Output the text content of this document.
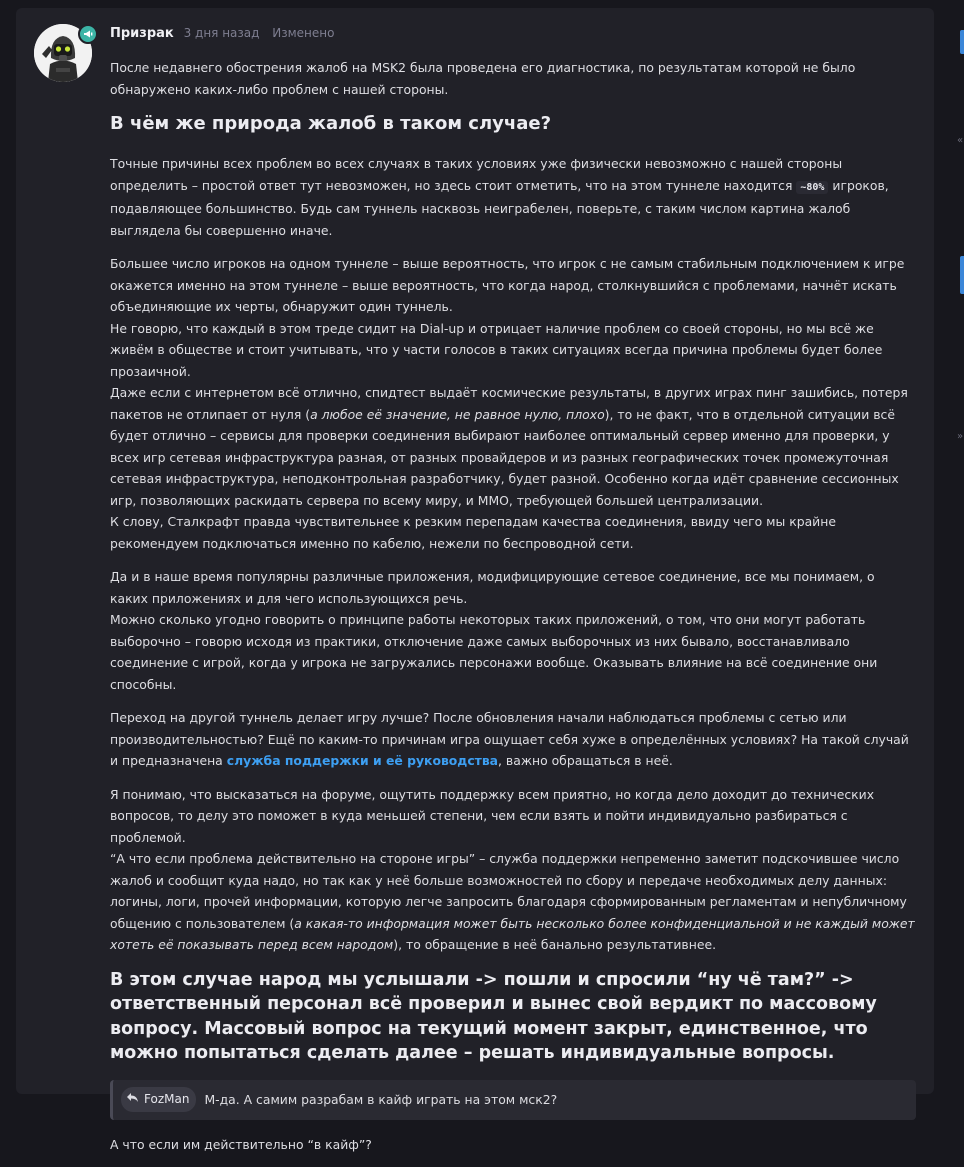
Призрак 3 дня назад Изменено

После недавнего обострения жалоб на MSK2 была проведена его диагностика, по результатам которой не было обнаружено каких-либо проблем с нашей стороны.

В чём же природа жалоб в таком случае?

Точные причины всех проблем во всех случаях в таких условиях уже физически невозможно с нашей стороны определить – простой ответ тут невозможен, но здесь стоит отметить, что на этом туннеле находится ~80% игроков, подавляющее большинство. Будь сам туннель насквозь неиграбелен, поверьте, с таким числом картина жалоб выглядела бы совершенно иначе.

Большее число игроков на одном туннеле – выше вероятность, что игрок с не самым стабильным подключением к игре окажется именно на этом туннеле – выше вероятность, что когда народ, столкнувшийся с проблемами, начнёт искать объединяющие их черты, обнаружит один туннель.
Не говорю, что каждый в этом треде сидит на Dial-up и отрицает наличие проблем со своей стороны, но мы всё же живём в обществе и стоит учитывать, что у части голосов в таких ситуациях всегда причина проблемы будет более прозаичной.
Даже если с интернетом всё отлично, спидтест выдаёт космические результаты, в других играх пинг зашибись, потеря пакетов не отлипает от нуля (а любое её значение, не равное нулю, плохо), то не факт, что в отдельной ситуации всё будет отлично – сервисы для проверки соединения выбирают наиболее оптимальный сервер именно для проверки, у всех игр сетевая инфраструктура разная, от разных провайдеров и из разных географических точек промежуточная сетевая инфраструктура, неподконтрольная разработчику, будет разной. Особенно когда идёт сравнение сессионных игр, позволяющих раскидать сервера по всему миру, и MMO, требующей большей централизации.
К слову, Сталкрафт правда чувствительнее к резким перепадам качества соединения, ввиду чего мы крайне рекомендуем подключаться именно по кабелю, нежели по беспроводной сети.

Да и в наше время популярны различные приложения, модифицирующие сетевое соединение, все мы понимаем, о каких приложениях и для чего использующихся речь.
Можно сколько угодно говорить о принципе работы некоторых таких приложений, о том, что они могут работать выборочно – говорю исходя из практики, отключение даже самых выборочных из них бывало, восстанавливало соединение с игрой, когда у игрока не загружались персонажи вообще. Оказывать влияние на всё соединение они способны.

Переход на другой туннель делает игру лучше? После обновления начали наблюдаться проблемы с сетью или производительностью? Ещё по каким-то причинам игра ощущает себя хуже в определённых условиях? На такой случай и предназначена служба поддержки и её руководства, важно обращаться в неё.

Я понимаю, что высказаться на форуме, ощутить поддержку всем приятно, но когда дело доходит до технических вопросов, то делу это поможет в куда меньшей степени, чем если взять и пойти индивидуально разбираться с проблемой.
“А что если проблема действительно на стороне игры” – служба поддержки непременно заметит подскочившее число жалоб и сообщит куда надо, но так как у неё больше возможностей по сбору и передаче необходимых делу данных: логины, логи, прочей информации, которую легче запросить благодаря сформированным регламентам и непубличному общению с пользователем (а какая-то информация может быть несколько более конфиденциальной и не каждый может хотеть её показывать перед всем народом), то обращение в неё банально результативнее.

В этом случае народ мы услышали -> пошли и спросили “ну чё там?” -> ответственный персонал всё проверил и вынес свой вердикт по массовому вопросу. Массовый вопрос на текущий момент закрыт, единственное, что можно попытаться сделать далее – решать индивидуальные вопросы.
FozMan М-да. А самим разрабам в кайф играть на этом мск2?

А что если им действительно “в кайф”?

«
»
